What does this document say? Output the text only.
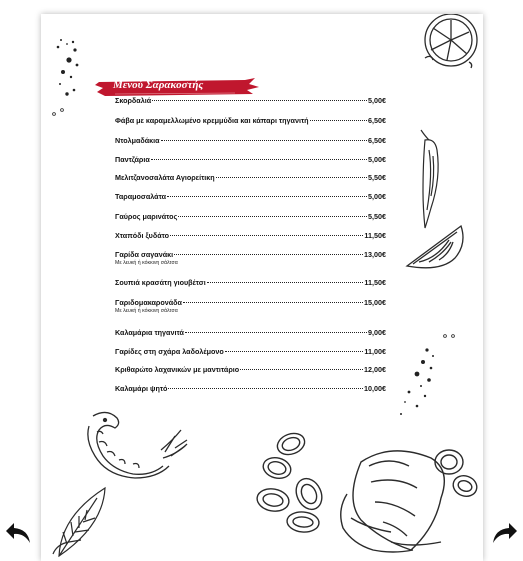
Μενού Σαρακοστής
Σκορδαλιά	5,00€
Φάβα με καραμελλωμένο κρεμμύδια και κάπαρι τηγανιτή	6,50€
Ντολμαδάκια	6,50€
Παντζάρια	5,00€
Μελιτζανοσαλάτα Αγιορείτικη	5,50€
Ταραμοσαλάτα	5,00€
Γαύρος μαρινάτος	5,50€
Χταπόδι ξυδάτο	11,50€
Γαρίδα σαγανάκι	13,00€
Με λευκή ή κόκκινη σάλτσα
Σουπιά κρασάτη γιουβέτσι	11,50€
Γαριδομακαρονάδα	15,00€
Με λευκή ή κόκκινη σάλτσα
Καλαμάρια τηγανιτά	9,00€
Γαρίδες στη σχάρα λαδολέμονο	11,00€
Κριθαρώτο λαχανικών με μαντιτάριο	12,00€
Καλαμάρι ψητό	10,00€
